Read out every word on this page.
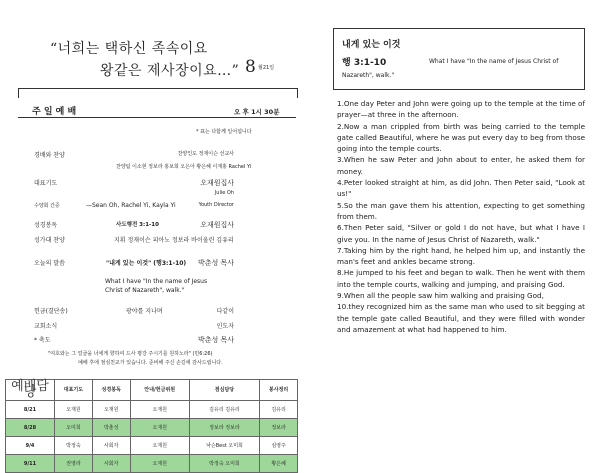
“너희는 택하신 족속이요
왕같은 제사장이요…” 8 월21일
주 일 예 배	오 후 1시 30분
* 표는 다함께 일어섭니다
경배와 찬양	찬양인도 정재이슨 선교사
찬양팀 이소현 정보라 홍보희 오은아 황은혜 이재홍 Rachel Yi
대표기도	오재원집사
Julie Oh
수양회 간증	—Sean Oh, Rachel Yi, Kayla Yi	Youth Director
성경봉독	사도행전 3:1-10	오재원집사
성가대 찬양	지휘 정재이슨 피아노 정보라 바이올린 김유리
오늘의 말씀	"내게 있는 이것" (행3:1-10) 박춘성 목사
What I have "In the name of Jesus Christ of Nazareth", walk."
헌금(결단송)	광야를 지나며	다같이
교회소식	인도자
* 축도	박춘성 목사
"여호와는 그 얼굴을 너에게 향하여 드사 평강 주시기를 원하노라" (민6:26)
예배 후에 점심친교가 있습니다. 준비해 주신 손길에 감사드립니다.
예배담당	대표기도	성경봉독	안내/헌금위원	점심담당	봉사정리
8/21	오재원	오재원	오재원	김유리 김유리	김유리
8/28	오미희	박춘성	오재원	정보라 정보라	정보라
9/4	박정숙	사회자	오재원	낙슨Best 오미희	심영주
9/11	권영라	사회자	오재원	박정숙 오미희	황은혜
내게 있는 이것
행 3:1-10	What I have "In the name of Jesus Christ of
Nazareth", walk."

1.One day Peter and John were going up to the temple at the time of prayer—at three in the afternoon.

2.Now a man crippled from birth was being carried to the temple gate called Beautiful, where he was put every day to beg from those going into the temple courts.

3.When he saw Peter and John about to enter, he asked them for money.

4.Peter looked straight at him, as did John. Then Peter said, "Look at us!"

5.So the man gave them his attention, expecting to get something from them.

6.Then Peter said, "Silver or gold I do not have, but what I have I give you. In the name of Jesus Christ of Nazareth, walk."

7.Taking him by the right hand, he helped him up, and instantly the man's feet and ankles became strong.

8.He jumped to his feet and began to walk. Then he went with them into the temple courts, walking and jumping, and praising God.

9.When all the people saw him walking and praising God,

10.they recognized him as the same man who used to sit begging at the temple gate called Beautiful, and they were filled with wonder and amazement at what had happened to him.
